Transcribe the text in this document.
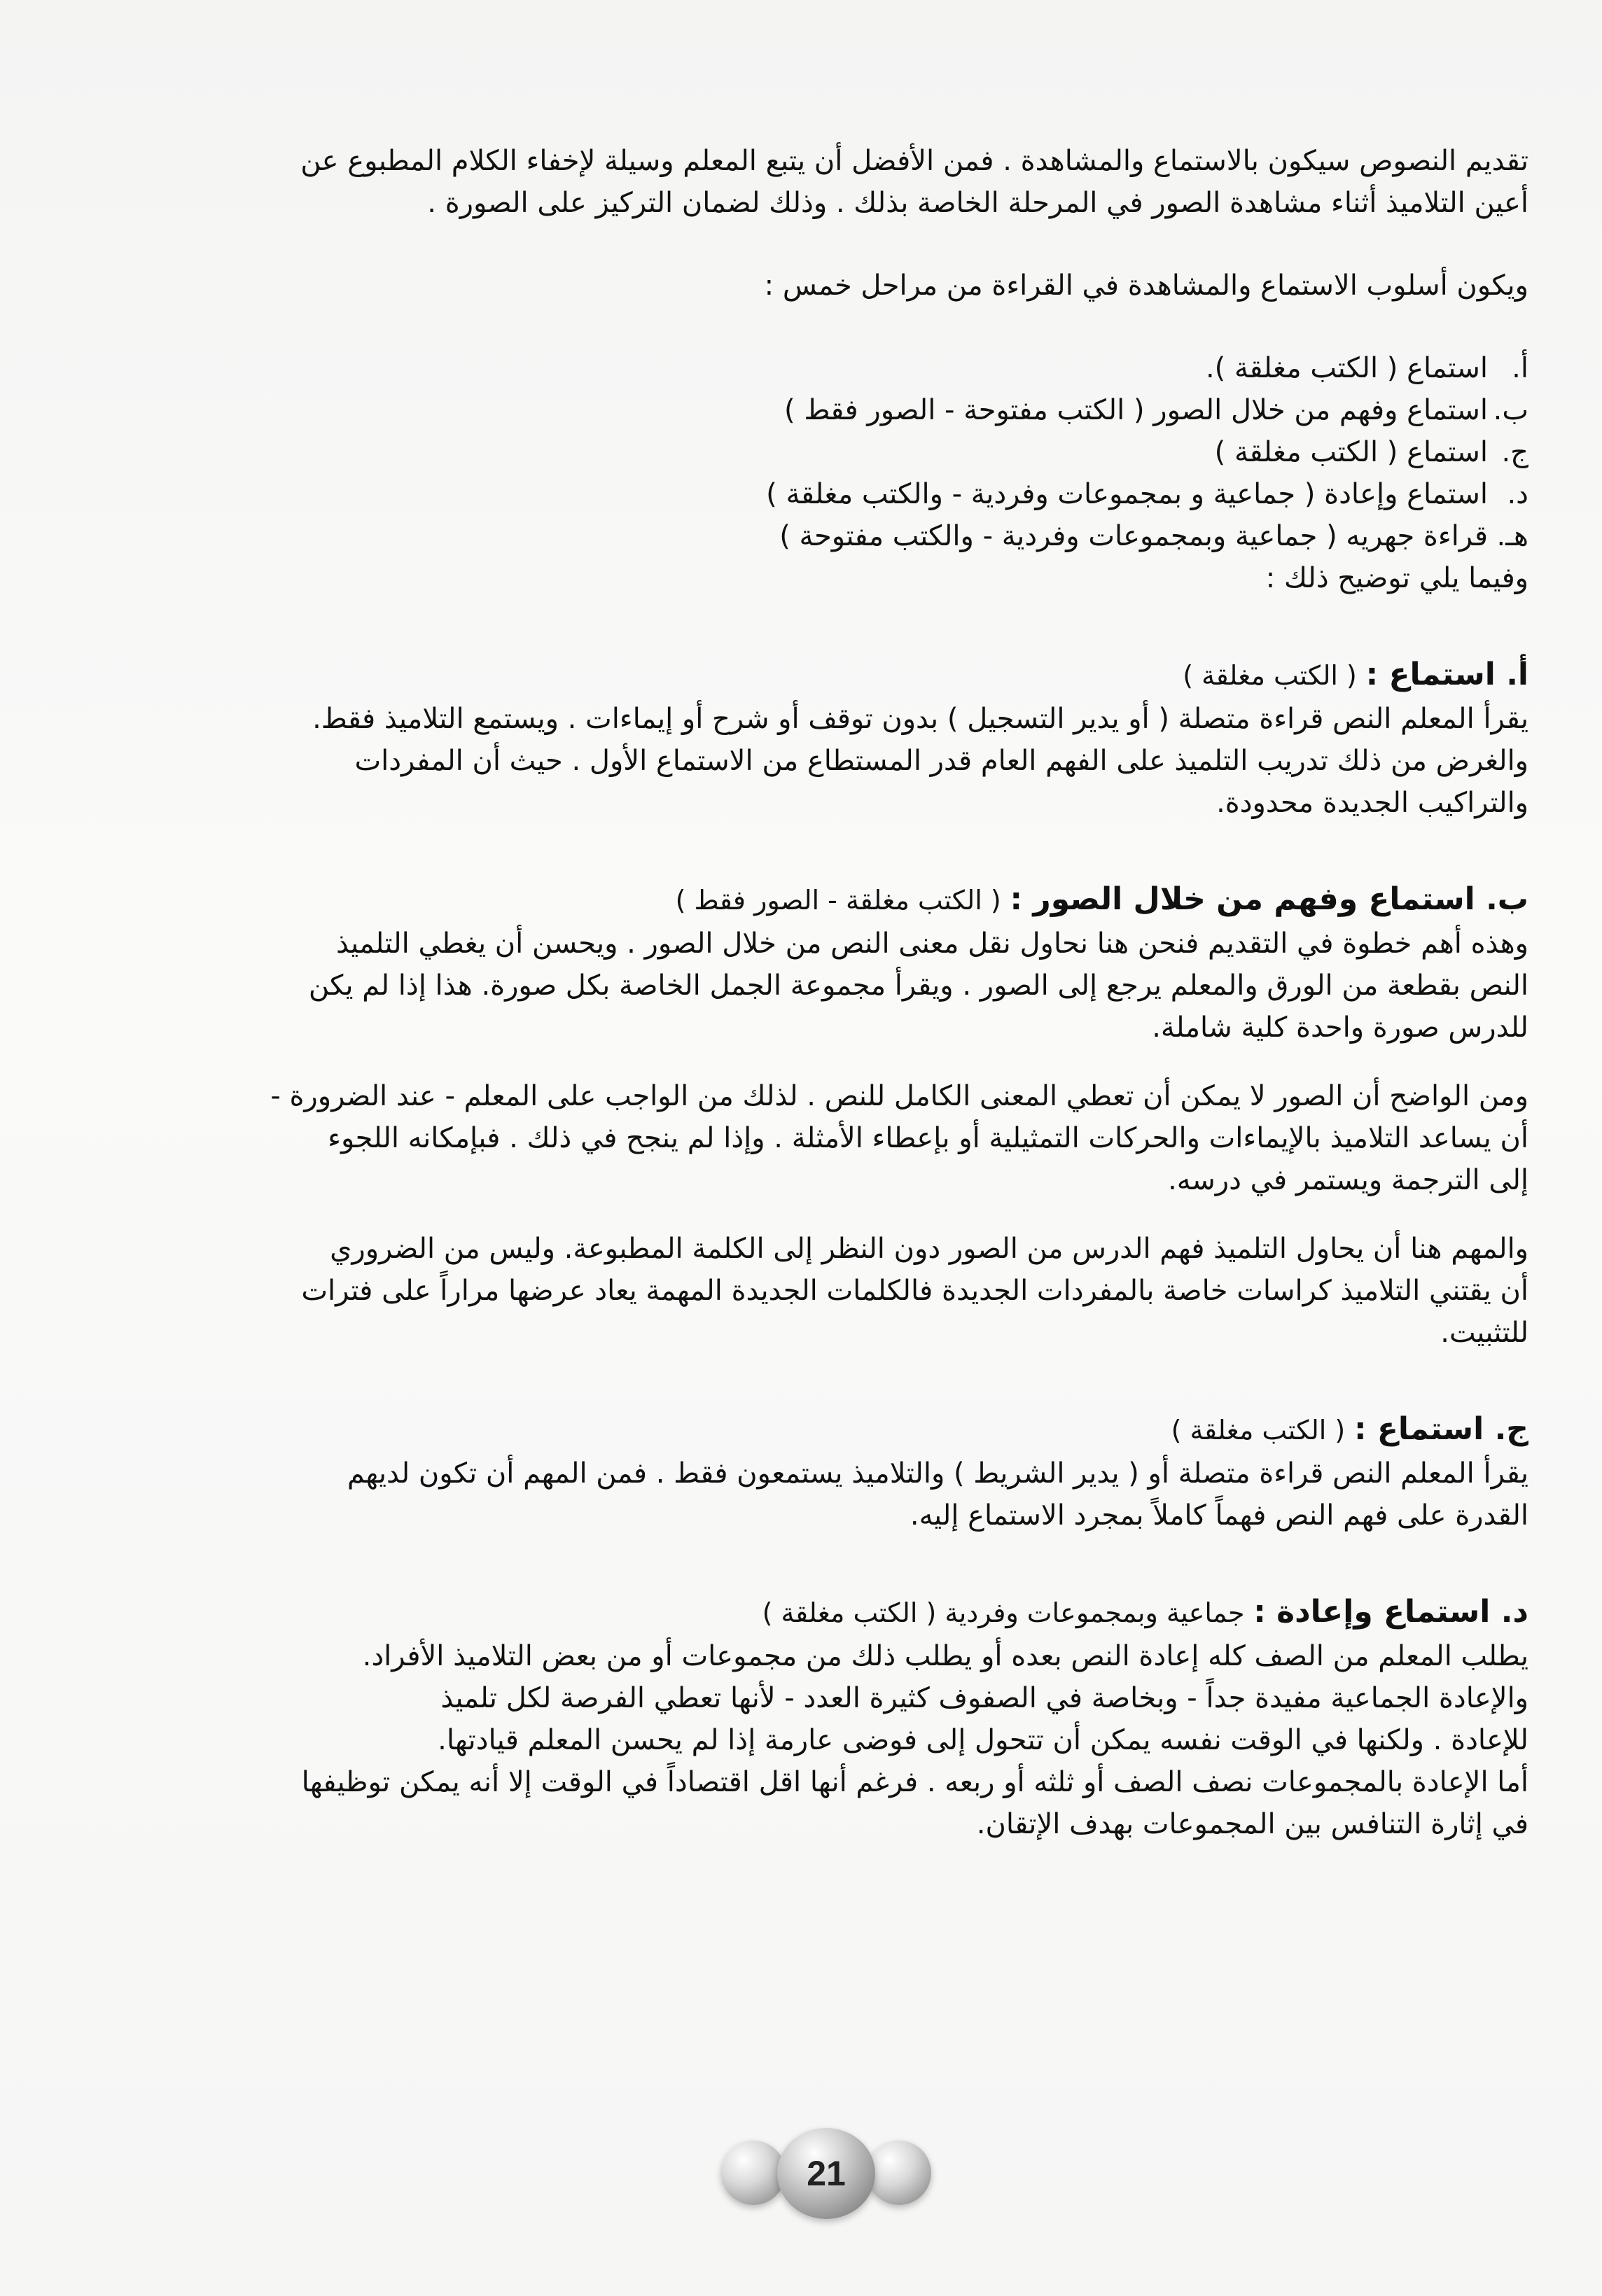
تقديم النصوص سيكون بالاستماع والمشاهدة . فمن الأفضل أن يتبع المعلم وسيلة لإخفاء الكلام المطبوع عن

أعين التلاميذ أثناء مشاهدة الصور في المرحلة الخاصة بذلك . وذلك لضمان التركيز على الصورة .

ويكون أسلوب الاستماع والمشاهدة في القراءة من مراحل خمس :

أ.
استماع ( الكتب مغلقة ).
ب.
استماع وفهم من خلال الصور ( الكتب مفتوحة - الصور فقط )
ج.
استماع ( الكتب مغلقة )
د.
استماع وإعادة ( جماعية و بمجموعات وفردية - والكتب مغلقة )
هـ.
قراءة جهريه ( جماعية وبمجموعات وفردية - والكتب مفتوحة )

وفيما يلي توضيح ذلك :

أ. استماع : ( الكتب مغلقة )

يقرأ المعلم النص قراءة متصلة ( أو يدير التسجيل ) بدون توقف أو شرح أو إيماءات . ويستمع التلاميذ فقط.

والغرض من ذلك تدريب التلميذ على الفهم العام قدر المستطاع من الاستماع الأول . حيث أن المفردات

والتراكيب الجديدة محدودة.

ب. استماع وفهم من خلال الصور : ( الكتب مغلقة - الصور فقط )

وهذه أهم خطوة في التقديم فنحن هنا نحاول نقل معنى النص من خلال الصور . ويحسن أن يغطي التلميذ

النص بقطعة من الورق والمعلم يرجع إلى الصور . ويقرأ مجموعة الجمل الخاصة بكل صورة. هذا إذا لم يكن

للدرس صورة واحدة كلية شاملة.

ومن الواضح أن الصور لا يمكن أن تعطي المعنى الكامل للنص . لذلك من الواجب على المعلم - عند الضرورة -

أن يساعد التلاميذ بالإيماءات والحركات التمثيلية أو بإعطاء الأمثلة . وإذا لم ينجح في ذلك . فبإمكانه اللجوء

إلى الترجمة ويستمر في درسه.

والمهم هنا أن يحاول التلميذ فهم الدرس من الصور دون النظر إلى الكلمة المطبوعة. وليس من الضروري

أن يقتني التلاميذ كراسات خاصة بالمفردات الجديدة فالكلمات الجديدة المهمة يعاد عرضها مراراً على فترات

للتثبيت.

ج. استماع : ( الكتب مغلقة )

يقرأ المعلم النص قراءة متصلة أو ( يدير الشريط ) والتلاميذ يستمعون فقط . فمن المهم أن تكون لديهم

القدرة على فهم النص فهماً كاملاً بمجرد الاستماع إليه.

د. استماع وإعادة : جماعية وبمجموعات وفردية ( الكتب مغلقة )

يطلب المعلم من الصف كله إعادة النص بعده أو يطلب ذلك من مجموعات أو من بعض التلاميذ الأفراد.

والإعادة الجماعية مفيدة جداً - وبخاصة في الصفوف كثيرة العدد - لأنها تعطي الفرصة لكل تلميذ

للإعادة . ولكنها في الوقت نفسه يمكن أن تتحول إلى فوضى عارمة إذا لم يحسن المعلم قيادتها.

أما الإعادة بالمجموعات نصف الصف أو ثلثه أو ربعه . فرغم أنها اقل اقتصاداً في الوقت إلا أنه يمكن توظيفها

في إثارة التنافس بين المجموعات بهدف الإتقان.

21
